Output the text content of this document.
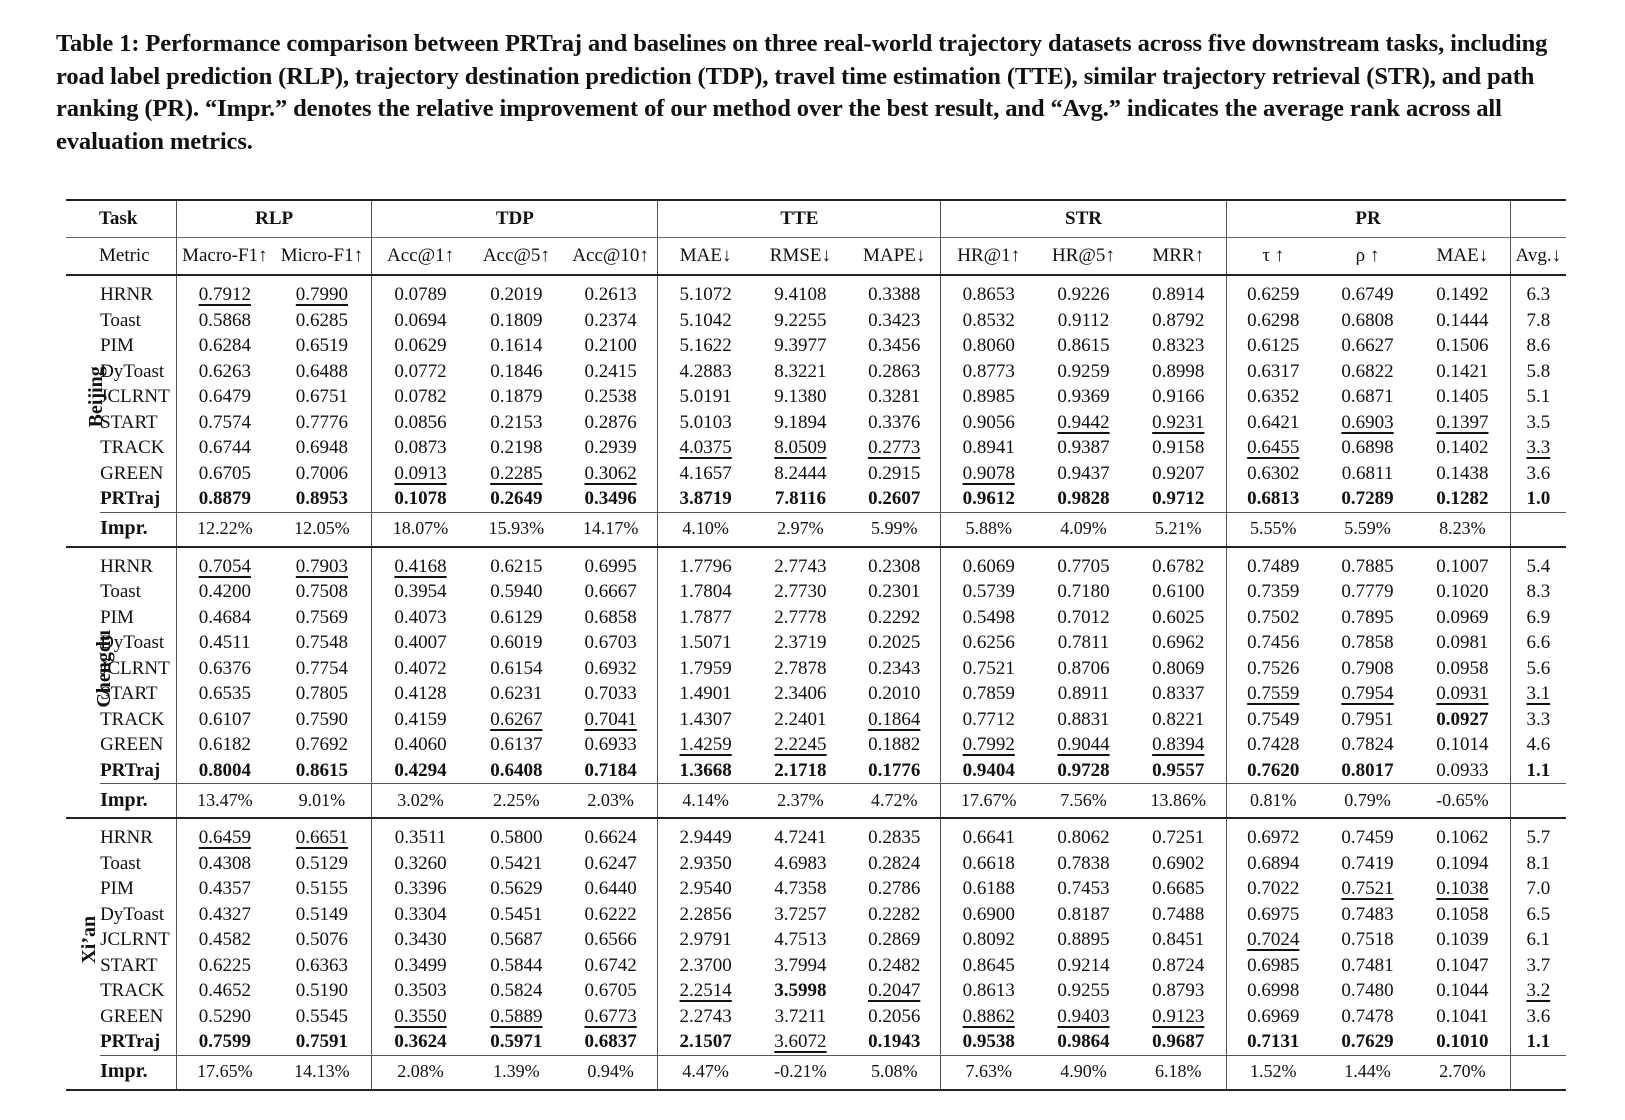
Table 1: Performance comparison between PRTraj and baselines on three real-world trajectory datasets across five downstream tasks, including road label prediction (RLP), trajectory destination prediction (TDP), travel time estimation (TTE), similar trajectory retrieval (STR), and path ranking (PR). “Impr.” denotes the relative improvement of our method over the best result, and “Avg.” indicates the average rank across all evaluation metrics.
Task		RLP		TDP			TTE			STR			PR			
Metric		Macro-F1↑	Micro-F1↑	Acc@1↑	Acc@5↑	Acc@10↑	MAE↓	RMSE↓	MAPE↓	HR@1↑	HR@5↑	MRR↑	τ ↑	ρ ↑	MAE↓	Avg.↓
Beijing	HRNR	0.7912	0.7990	0.0789	0.2019	0.2613	5.1072	9.4108	0.3388	0.8653	0.9226	0.8914	0.6259	0.6749	0.1492	6.3
	Toast	0.5868	0.6285	0.0694	0.1809	0.2374	5.1042	9.2255	0.3423	0.8532	0.9112	0.8792	0.6298	0.6808	0.1444	7.8
	PIM	0.6284	0.6519	0.0629	0.1614	0.2100	5.1622	9.3977	0.3456	0.8060	0.8615	0.8323	0.6125	0.6627	0.1506	8.6
	DyToast	0.6263	0.6488	0.0772	0.1846	0.2415	4.2883	8.3221	0.2863	0.8773	0.9259	0.8998	0.6317	0.6822	0.1421	5.8
	JCLRNT	0.6479	0.6751	0.0782	0.1879	0.2538	5.0191	9.1380	0.3281	0.8985	0.9369	0.9166	0.6352	0.6871	0.1405	5.1
	START	0.7574	0.7776	0.0856	0.2153	0.2876	5.0103	9.1894	0.3376	0.9056	0.9442	0.9231	0.6421	0.6903	0.1397	3.5
	TRACK	0.6744	0.6948	0.0873	0.2198	0.2939	4.0375	8.0509	0.2773	0.8941	0.9387	0.9158	0.6455	0.6898	0.1402	3.3
	GREEN	0.6705	0.7006	0.0913	0.2285	0.3062	4.1657	8.2444	0.2915	0.9078	0.9437	0.9207	0.6302	0.6811	0.1438	3.6
	PRTraj	0.8879	0.8953	0.1078	0.2649	0.3496	3.8719	7.8116	0.2607	0.9612	0.9828	0.9712	0.6813	0.7289	0.1282	1.0
	Impr.	12.22%	12.05%	18.07%	15.93%	14.17%	4.10%	2.97%	5.99%	5.88%	4.09%	5.21%	5.55%	5.59%	8.23%	
Chengdu	HRNR	0.7054	0.7903	0.4168	0.6215	0.6995	1.7796	2.7743	0.2308	0.6069	0.7705	0.6782	0.7489	0.7885	0.1007	5.4
	Toast	0.4200	0.7508	0.3954	0.5940	0.6667	1.7804	2.7730	0.2301	0.5739	0.7180	0.6100	0.7359	0.7779	0.1020	8.3
	PIM	0.4684	0.7569	0.4073	0.6129	0.6858	1.7877	2.7778	0.2292	0.5498	0.7012	0.6025	0.7502	0.7895	0.0969	6.9
	DyToast	0.4511	0.7548	0.4007	0.6019	0.6703	1.5071	2.3719	0.2025	0.6256	0.7811	0.6962	0.7456	0.7858	0.0981	6.6
	JCLRNT	0.6376	0.7754	0.4072	0.6154	0.6932	1.7959	2.7878	0.2343	0.7521	0.8706	0.8069	0.7526	0.7908	0.0958	5.6
	START	0.6535	0.7805	0.4128	0.6231	0.7033	1.4901	2.3406	0.2010	0.7859	0.8911	0.8337	0.7559	0.7954	0.0931	3.1
	TRACK	0.6107	0.7590	0.4159	0.6267	0.7041	1.4307	2.2401	0.1864	0.7712	0.8831	0.8221	0.7549	0.7951	0.0927	3.3
	GREEN	0.6182	0.7692	0.4060	0.6137	0.6933	1.4259	2.2245	0.1882	0.7992	0.9044	0.8394	0.7428	0.7824	0.1014	4.6
	PRTraj	0.8004	0.8615	0.4294	0.6408	0.7184	1.3668	2.1718	0.1776	0.9404	0.9728	0.9557	0.7620	0.8017	0.0933	1.1
	Impr.	13.47%	9.01%	3.02%	2.25%	2.03%	4.14%	2.37%	4.72%	17.67%	7.56%	13.86%	0.81%	0.79%	-0.65%	
Xi’an	HRNR	0.6459	0.6651	0.3511	0.5800	0.6624	2.9449	4.7241	0.2835	0.6641	0.8062	0.7251	0.6972	0.7459	0.1062	5.7
	Toast	0.4308	0.5129	0.3260	0.5421	0.6247	2.9350	4.6983	0.2824	0.6618	0.7838	0.6902	0.6894	0.7419	0.1094	8.1
	PIM	0.4357	0.5155	0.3396	0.5629	0.6440	2.9540	4.7358	0.2786	0.6188	0.7453	0.6685	0.7022	0.7521	0.1038	7.0
	DyToast	0.4327	0.5149	0.3304	0.5451	0.6222	2.2856	3.7257	0.2282	0.6900	0.8187	0.7488	0.6975	0.7483	0.1058	6.5
	JCLRNT	0.4582	0.5076	0.3430	0.5687	0.6566	2.9791	4.7513	0.2869	0.8092	0.8895	0.8451	0.7024	0.7518	0.1039	6.1
	START	0.6225	0.6363	0.3499	0.5844	0.6742	2.3700	3.7994	0.2482	0.8645	0.9214	0.8724	0.6985	0.7481	0.1047	3.7
	TRACK	0.4652	0.5190	0.3503	0.5824	0.6705	2.2514	3.5998	0.2047	0.8613	0.9255	0.8793	0.6998	0.7480	0.1044	3.2
	GREEN	0.5290	0.5545	0.3550	0.5889	0.6773	2.2743	3.7211	0.2056	0.8862	0.9403	0.9123	0.6969	0.7478	0.1041	3.6
	PRTraj	0.7599	0.7591	0.3624	0.5971	0.6837	2.1507	3.6072	0.1943	0.9538	0.9864	0.9687	0.7131	0.7629	0.1010	1.1
	Impr.	17.65%	14.13%	2.08%	1.39%	0.94%	4.47%	-0.21%	5.08%	7.63%	4.90%	6.18%	1.52%	1.44%	2.70%	
